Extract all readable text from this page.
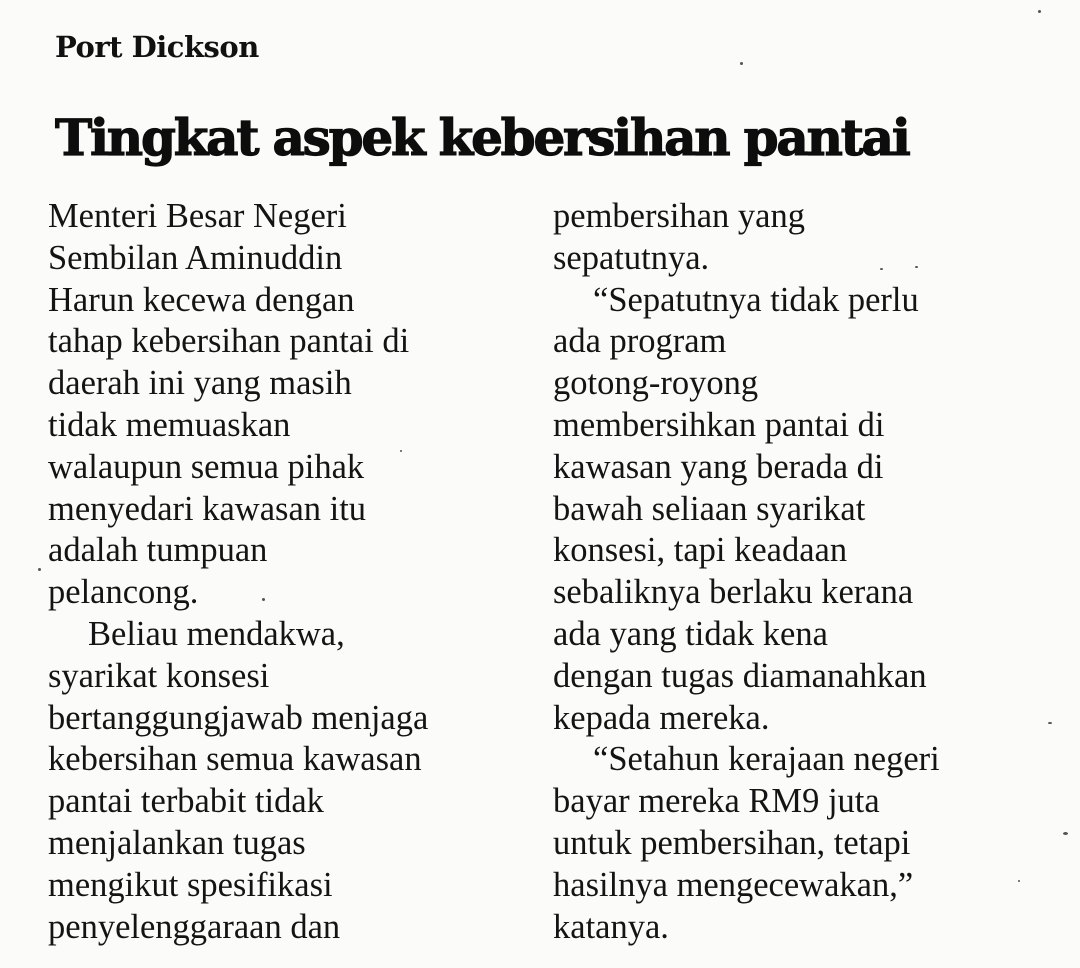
Port Dickson
Tingkat aspek kebersihan pantai
Menteri Besar Negeri
Sembilan Aminuddin
Harun kecewa dengan
tahap kebersihan pantai di
daerah ini yang masih
tidak memuaskan
walaupun semua pihak
menyedari kawasan itu
adalah tumpuan
pelancong.
Beliau mendakwa,
syarikat konsesi
bertanggungjawab menjaga
kebersihan semua kawasan
pantai terbabit tidak
menjalankan tugas
mengikut spesifikasi
penyelenggaraan dan
pembersihan yang
sepatutnya.
“Sepatutnya tidak perlu
ada program
gotong-royong
membersihkan pantai di
kawasan yang berada di
bawah seliaan syarikat
konsesi, tapi keadaan
sebaliknya berlaku kerana
ada yang tidak kena
dengan tugas diamanahkan
kepada mereka.
“Setahun kerajaan negeri
bayar mereka RM9 juta
untuk pembersihan, tetapi
hasilnya mengecewakan,”
katanya.
